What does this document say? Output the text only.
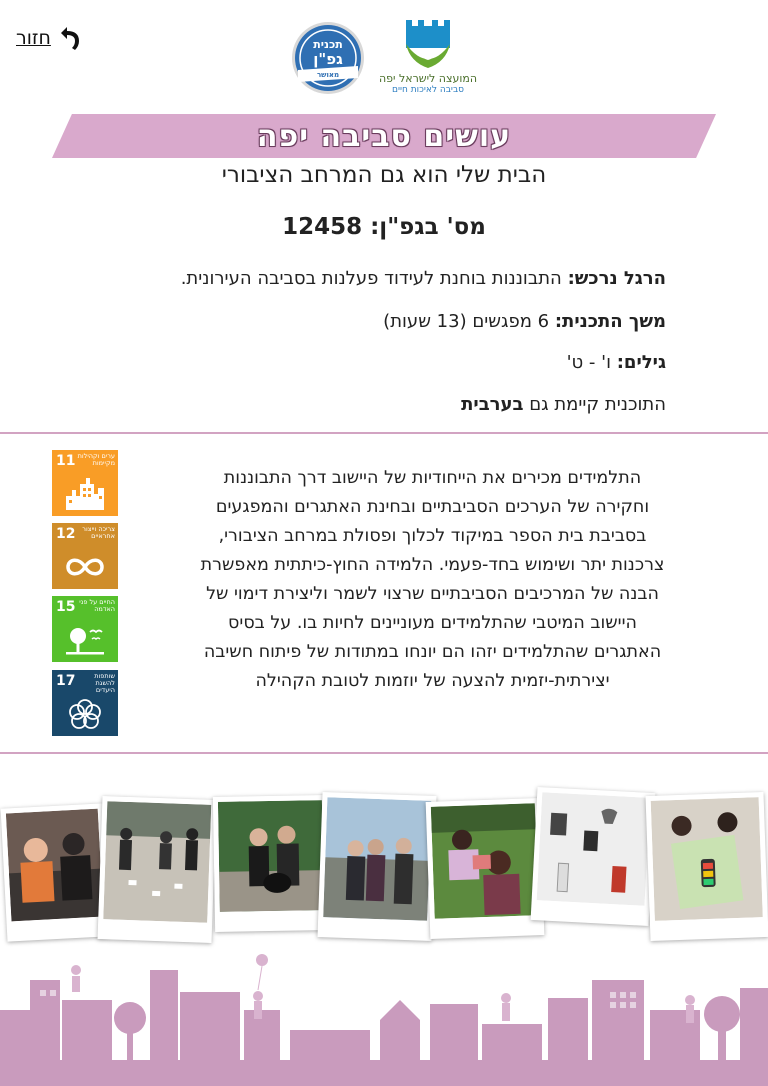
חזור	תכנית
גפ"ן
מאושר	המועצה לישראל יפה
סביבה לאיכות חיים
עושים סביבה יפה
הבית שלי הוא גם המרחב הציבורי
מס' בגפ"ן: 12458
הרגל נרכש: התבוננות בוחנת לעידוד פעלנות בסביבה העירונית.
משך התכנית: 6 מפגשים (13 שעות)
גילים: ו' - ט'
התוכנית קיימת גם בערבית
התלמידים מכירים את הייחודיות של היישוב דרך התבוננות
וחקירה של הערכים הסביבתיים ובחינת האתגרים והמפגעים
בסביבת בית הספר במיקוד לכלוך ופסולת במרחב הציבורי,
צרכנות יתר ושימוש בחד-פעמי. הלמידה החוץ-כיתתית מאפשרת
הבנה של המרכיבים הסביבתיים שרצוי לשמר וליצירת דימוי של
היישוב המיטבי שהתלמידים מעוניינים לחיות בו. על בסיס
האתגרים שהתלמידים יזהו הם יונחו במתודות של פיתוח חשיבה
יצירתית-יזמית להצעה של יוזמות לטובת הקהילה
11 ערים וקהילות מקיימות
12	צריכה וייצור אחראיים
15 החיים על פני האדמה
17	שותפות להשגת היעדים
